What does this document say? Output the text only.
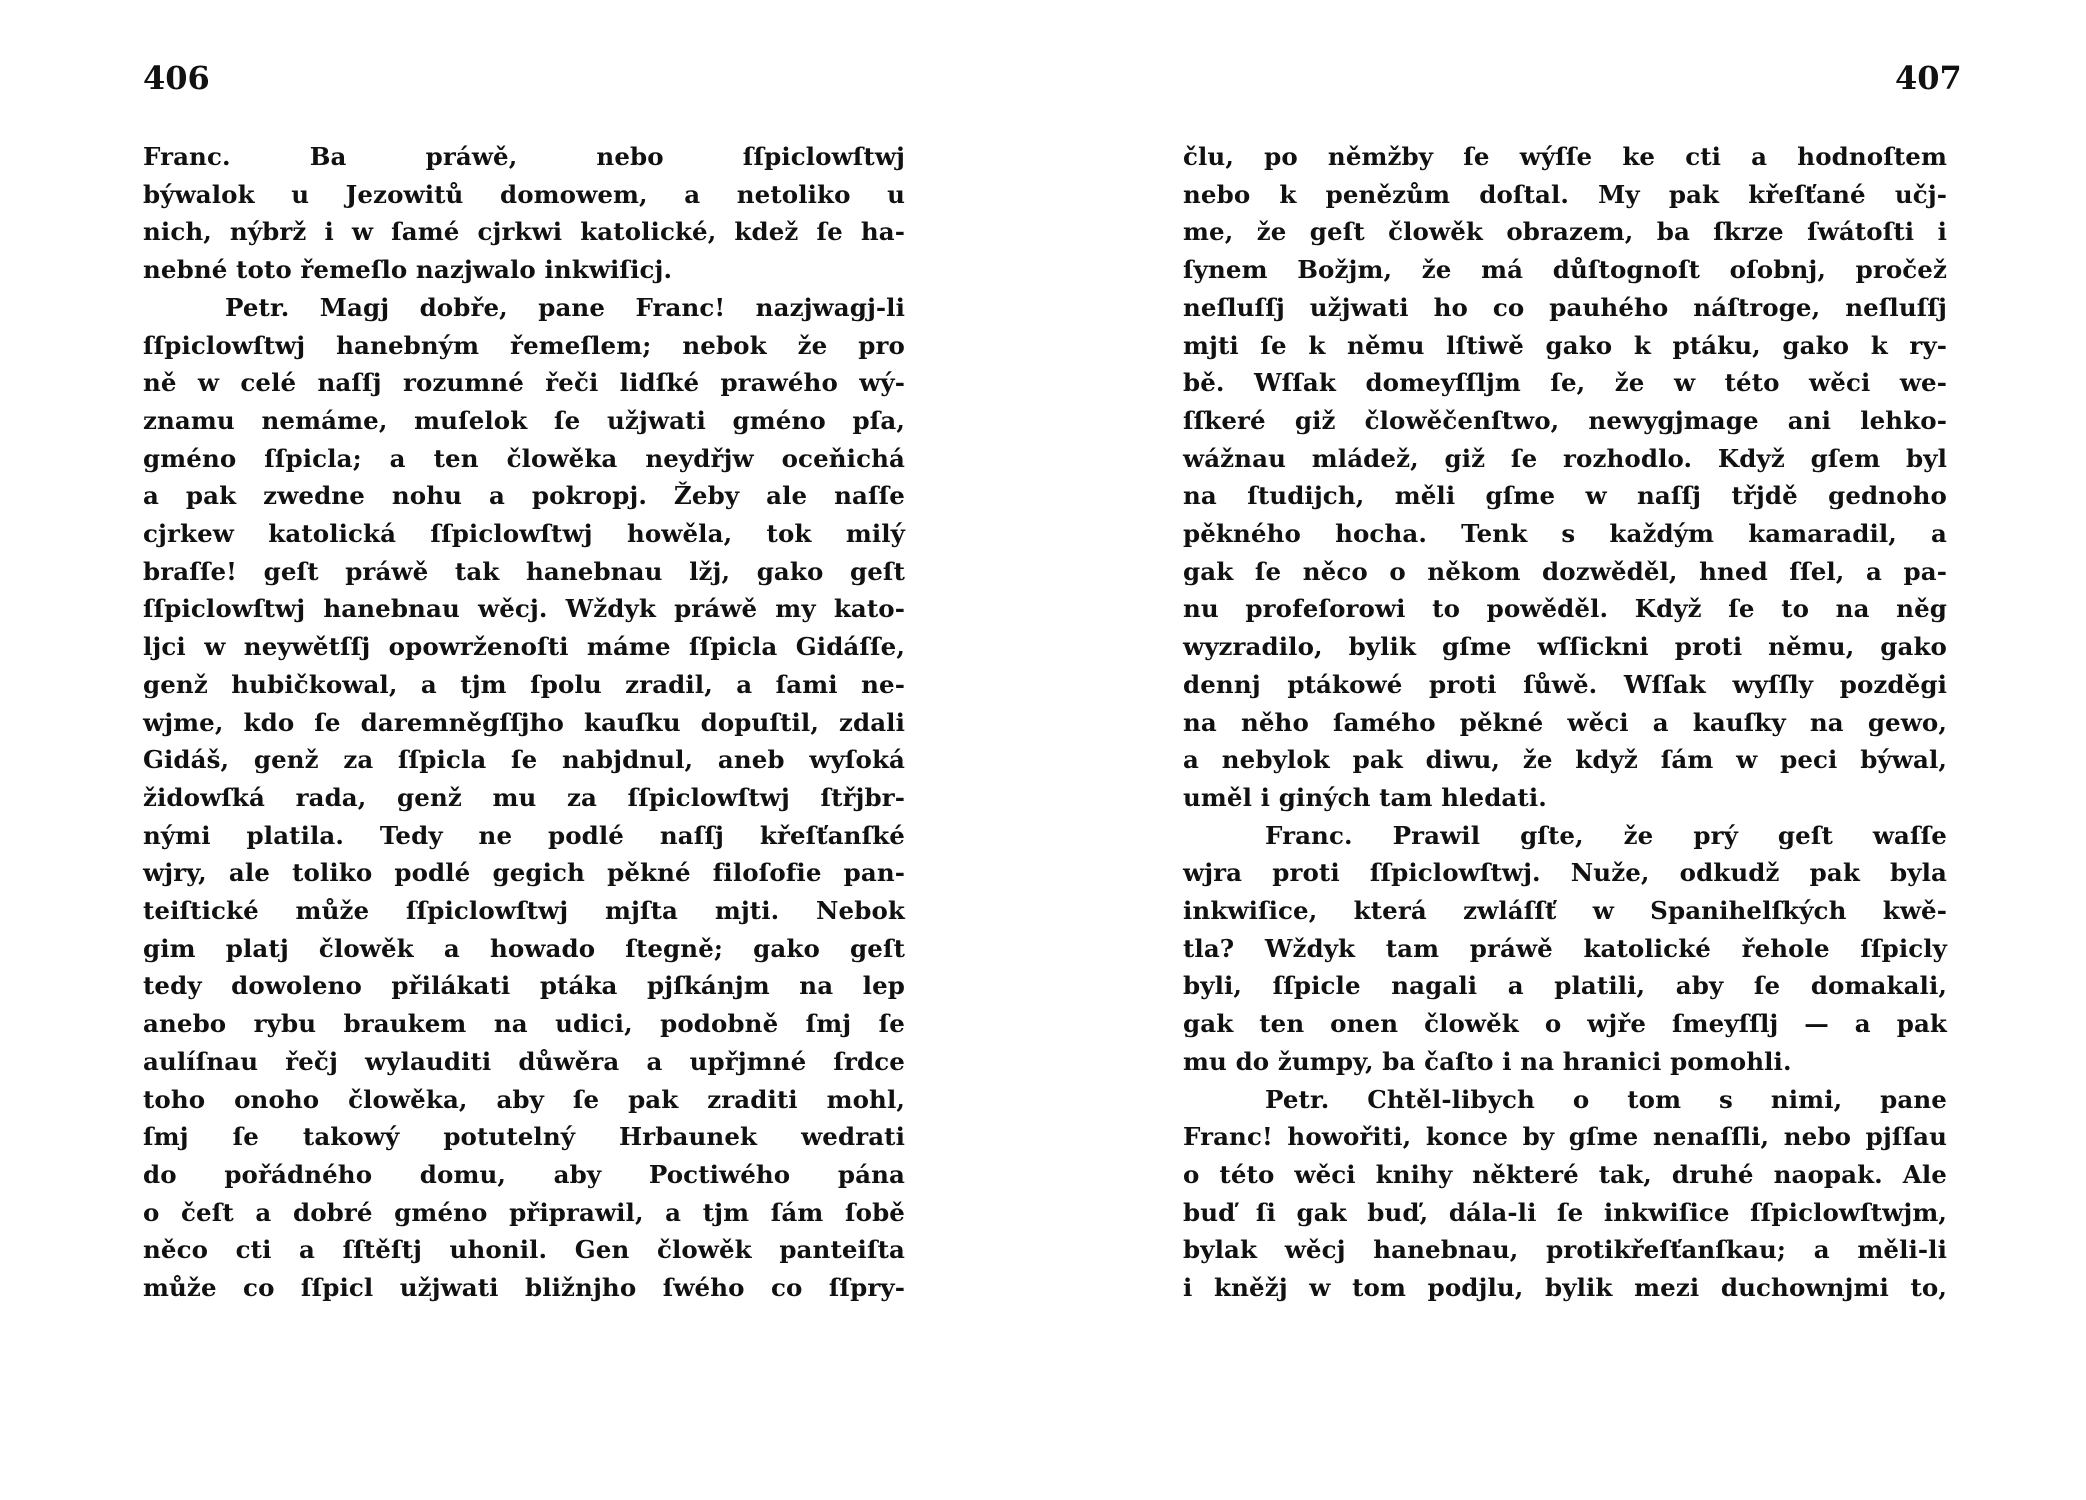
406
Franc. Ba práwě, nebo ſſpiclowſtwj
býwalok u Jezowitů domowem, a netoliko u
nich, nýbrž i w ſamé cjrkwi katolické, kdež ſe ha-
nebné toto řemeſlo nazjwalo inkwiſicj.
Petr. Magj dobře, pane Franc! nazjwagj-li
ſſpiclowſtwj hanebným řemeſlem; nebok že pro
ně w celé naſſj rozumné řeči lidſké prawého wý-
znamu nemáme, muſelok ſe užjwati gméno pſa,
gméno ſſpicla; a ten člowěka neydřjw oceňichá
a pak zwedne nohu a pokropj. Žeby ale naſſe
cjrkew katolická ſſpiclowſtwj howěla, tok milý
braſſe! geſt práwě tak hanebnau lžj, gako geſt
ſſpiclowſtwj hanebnau wěcj. Wždyk práwě my kato-
ljci w neywětſſj opowrženoſti máme ſſpicla Gidáſſe,
genž hubičkowal, a tjm ſpolu zradil, a ſami ne-
wjme, kdo ſe daremněgſſjho kauſku dopuſtil, zdali
Gidáš, genž za ſſpicla ſe nabjdnul, aneb wyſoká
židowſká rada, genž mu za ſſpiclowſtwj ſtřjbr-
nými platila. Tedy ne podlé naſſj křeſťanſké
wjry, ale toliko podlé gegich pěkné filoſofie pan-
teiſtické může ſſpiclowſtwj mjſta mjti. Nebok
gim platj člowěk a howado ſtegně; gako geſt
tedy dowoleno přilákati ptáka pjſkánjm na lep
anebo rybu braukem na udici, podobně ſmj ſe
aulíſnau řečj wylauditi důwěra a upřjmné ſrdce
toho onoho člowěka, aby ſe pak zraditi mohl,
ſmj ſe takowý potutelný Hrbaunek wedrati
do pořádného domu, aby Poctiwého pána
o čeſt a dobré gméno připrawil, a tjm ſám ſobě
něco cti a ſſtěſtj uhonil. Gen člowěk panteiſta
může co ſſpicl užjwati bližnjho ſwého co ſſpry-
407
člu, po němžby ſe wýſſe ke cti a hodnoſtem
nebo k penězům doſtal. My pak křeſťané učj-
me, že geſt člowěk obrazem, ba ſkrze ſwátoſti i
ſynem Božjm, že má důſtognoſt oſobnj, pročež
neſluſſj užjwati ho co pauhého náſtroge, neſluſſj
mjti ſe k němu lſtiwě gako k ptáku, gako k ry-
bě. Wſſak domeyſſljm ſe, že w této wěci we-
ſſkeré giž člowěčenſtwo, newygjmage ani lehko-
wážnau mládež, giž ſe rozhodlo. Když gſem byl
na ſtudijch, měli gſme w naſſj třjdě gednoho
pěkného hocha. Tenk s každým kamaradil, a
gak ſe něco o někom dozwěděl, hned ſſel, a pa-
nu profeſorowi to powěděl. Když ſe to na něg
wyzradilo, bylik gſme wſſickni proti němu, gako
dennj ptákowé proti ſůwě. Wſſak wyſſly pozděgi
na něho ſamého pěkné wěci a kauſky na gewo,
a nebylok pak diwu, že když ſám w peci býwal,
uměl i giných tam hledati.
Franc. Prawil gſte, že prý geſt waſſe
wjra proti ſſpiclowſtwj. Nuže, odkudž pak byla
inkwiſice, která zwláſſť w Spanihelſkých kwě-
tla? Wždyk tam práwě katolické řehole ſſpicly
byli, ſſpicle nagali a platili, aby ſe domakali,
gak ten onen člowěk o wjře ſmeyſſlj — a pak
mu do žumpy, ba čaſto i na hranici pomohli.
Petr. Chtěl-libych o tom s nimi, pane
Franc! howořiti, konce by gſme nenaſſli, nebo pjſſau
o této wěci knihy některé tak, druhé naopak. Ale
buď ſi gak buď, dála-li ſe inkwiſice ſſpiclowſtwjm,
bylak wěcj hanebnau, protikřeſťanſkau; a měli-li
i kněžj w tom podjlu, bylik mezi duchownjmi to,
